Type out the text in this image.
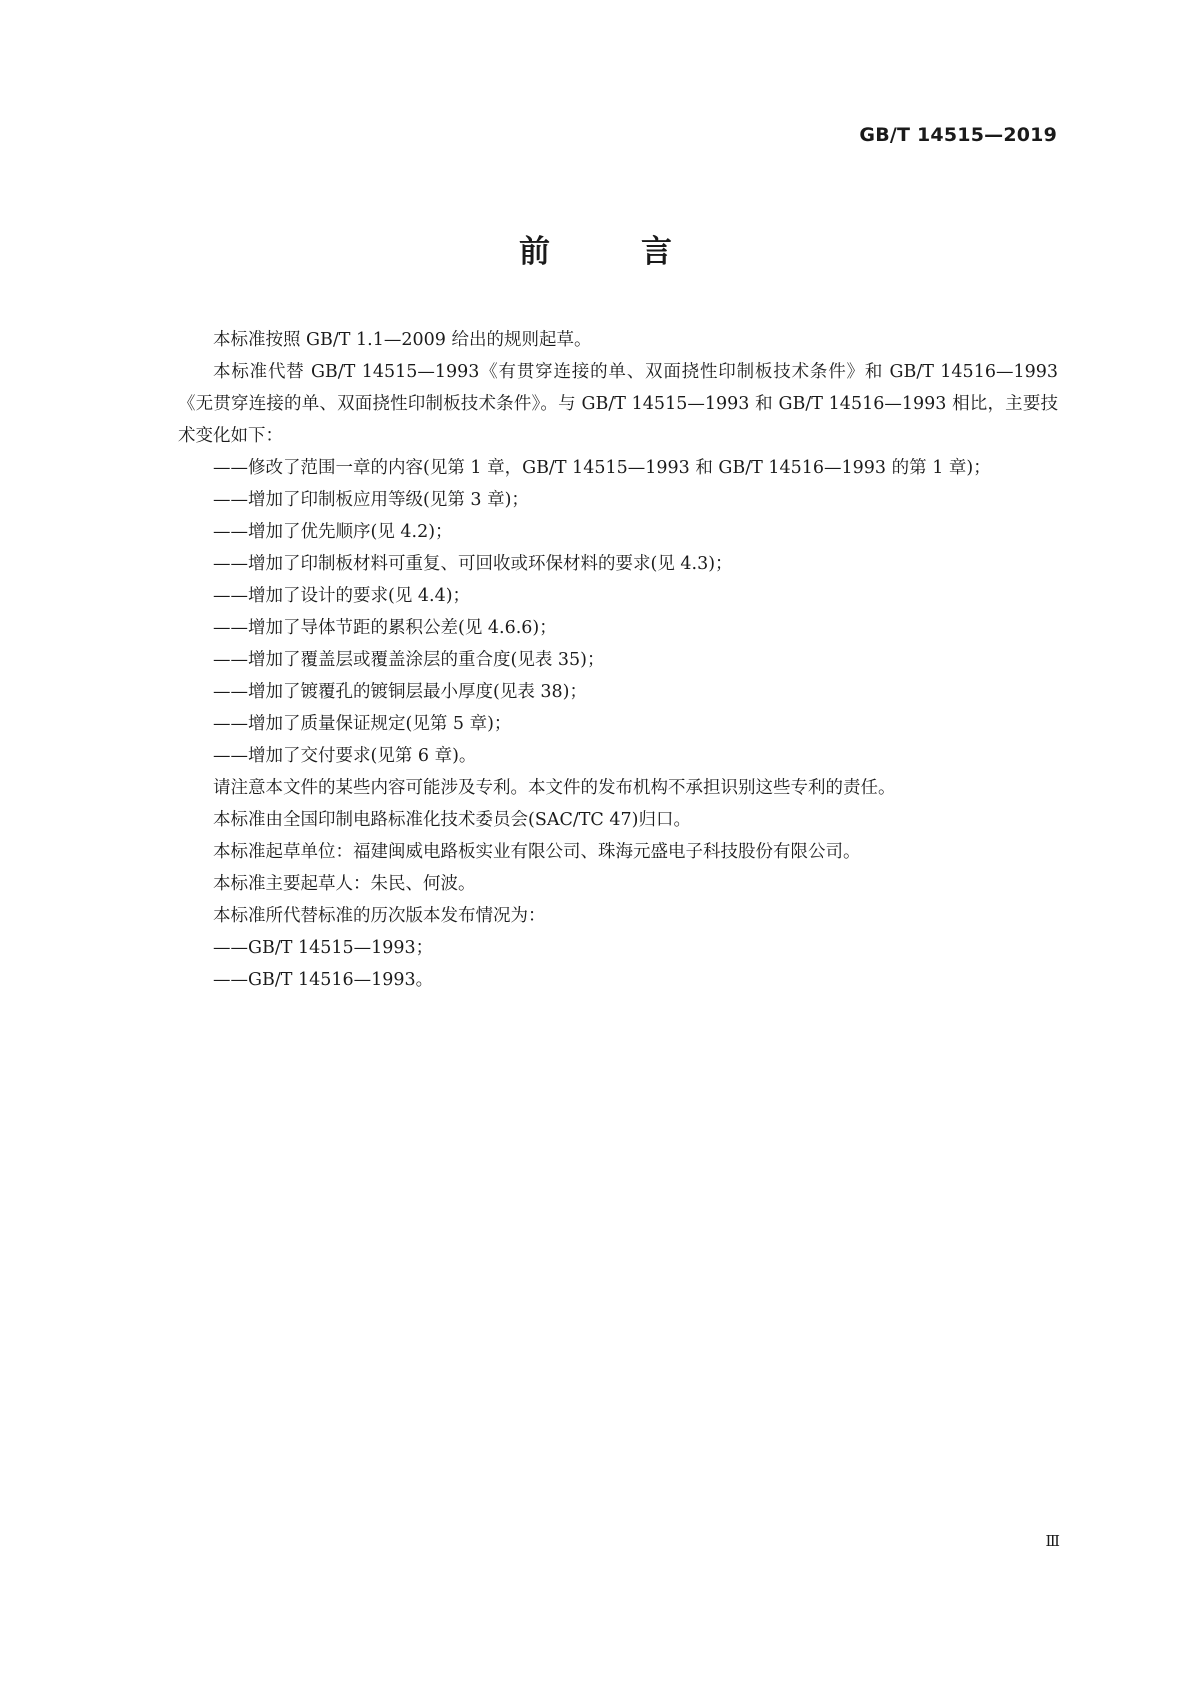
GB/T 14515—2019
前　言

本标准按照 GB/T 1.1—2009 给出的规则起草。

本标准代替 GB/T 14515—1993《有贯穿连接的单、双面挠性印制板技术条件》和 GB/T 14516—1993《无贯穿连接的单、双面挠性印制板技术条件》。与 GB/T 14515—1993 和 GB/T 14516—1993 相比，主要技术变化如下：

——修改了范围一章的内容(见第 1 章，GB/T 14515—1993 和 GB/T 14516—1993 的第 1 章)；

——增加了印制板应用等级(见第 3 章)；

——增加了优先顺序(见 4.2)；

——增加了印制板材料可重复、可回收或环保材料的要求(见 4.3)；

——增加了设计的要求(见 4.4)；

——增加了导体节距的累积公差(见 4.6.6)；

——增加了覆盖层或覆盖涂层的重合度(见表 35)；

——增加了镀覆孔的镀铜层最小厚度(见表 38)；

——增加了质量保证规定(见第 5 章)；

——增加了交付要求(见第 6 章)。

请注意本文件的某些内容可能涉及专利。本文件的发布机构不承担识别这些专利的责任。

本标准由全国印制电路标准化技术委员会(SAC/TC 47)归口。

本标准起草单位：福建闽威电路板实业有限公司、珠海元盛电子科技股份有限公司。

本标准主要起草人：朱民、何波。

本标准所代替标准的历次版本发布情况为：

——GB/T 14515—1993；

——GB/T 14516—1993。

Ⅲ
